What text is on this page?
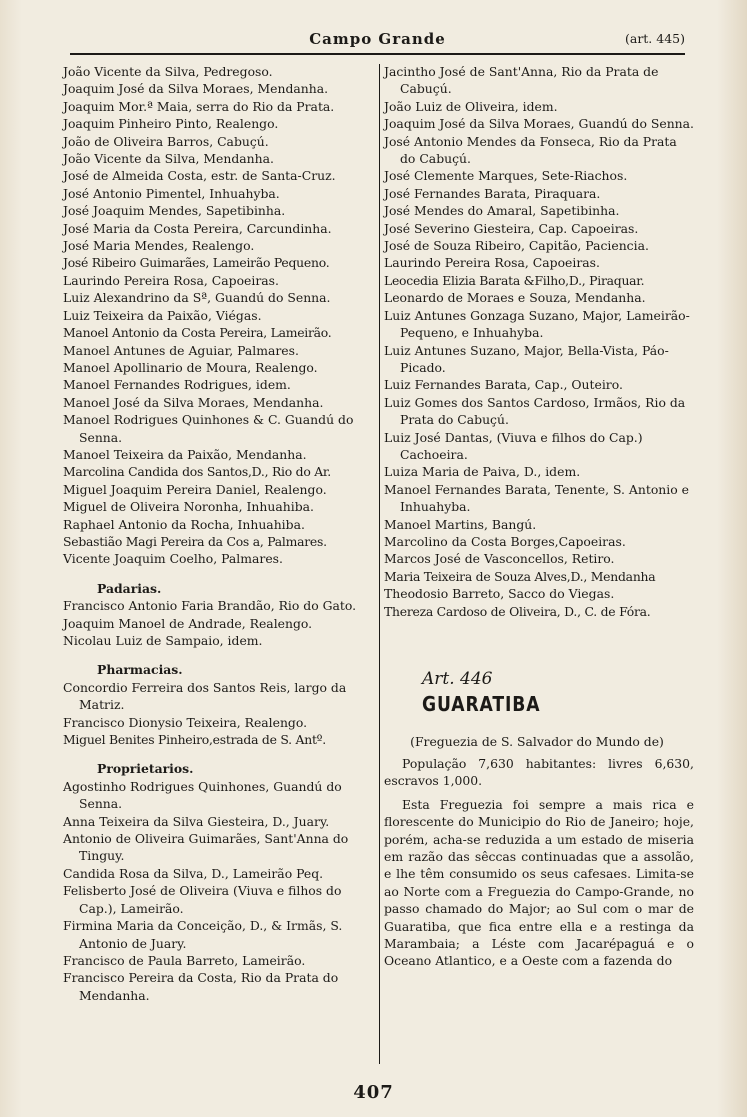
Campo Grande	(art. 445)

João Vicente da Silva, Pedregoso.

Joaquim José da Silva Moraes, Mendanha.

Joaquim Mor.ª Maia, serra do Rio da Prata.

Joaquim Pinheiro Pinto, Realengo.

João de Oliveira Barros, Cabuçú.

João Vicente da Silva, Mendanha.

José de Almeida Costa, estr. de Santa-Cruz.

José Antonio Pimentel, Inhuahyba.

José Joaquim Mendes, Sapetibinha.

José Maria da Costa Pereira, Carcundinha.

José Maria Mendes, Realengo.

José Ribeiro Guimarães, Lameirão Pequeno.

Laurindo Pereira Rosa, Capoeiras.

Luiz Alexandrino da Sª, Guandú do Senna.

Luiz Teixeira da Paixão, Viégas.

Manoel Antonio da Costa Pereira, Lameirão.

Manoel Antunes de Aguiar, Palmares.

Manoel Apollinario de Moura, Realengo.

Manoel Fernandes Rodrigues, idem.

Manoel José da Silva Moraes, Mendanha.

Manoel Rodrigues Quinhones & C. Guandú do Senna.

Manoel Teixeira da Paixão, Mendanha.

Marcolina Candida dos Santos,D., Rio do Ar.

Miguel Joaquim Pereira Daniel, Realengo.

Miguel de Oliveira Noronha, Inhuahiba.

Raphael Antonio da Rocha, Inhuahiba.

Sebastião Magi Pereira da Cos a, Palmares.

Vicente Joaquim Coelho, Palmares.

Padarias.

Francisco Antonio Faria Brandão, Rio do Gato.

Joaquim Manoel de Andrade, Realengo.

Nicolau Luiz de Sampaio, idem.

Pharmacias.

Concordio Ferreira dos Santos Reis, largo da Matriz.

Francisco Dionysio Teixeira, Realengo.

Miguel Benites Pinheiro,estrada de S. Antº.

Proprietarios.

Agostinho Rodrigues Quinhones, Guandú do Senna.

Anna Teixeira da Silva Giesteira, D., Juary.

Antonio de Oliveira Guimarães, Sant'Anna do Tinguy.

Candida Rosa da Silva, D., Lameirão Peq.

Felisberto José de Oliveira (Viuva e filhos do Cap.), Lameirão.

Firmina Maria da Conceição, D., & Irmãs, S. Antonio de Juary.

Francisco de Paula Barreto, Lameirão.

Francisco Pereira da Costa, Rio da Prata do Mendanha.

Jacintho José de Sant'Anna, Rio da Prata de Cabuçú.

João Luiz de Oliveira, idem.

Joaquim José da Silva Moraes, Guandú do Senna.

José Antonio Mendes da Fonseca, Rio da Prata do Cabuçú.

José Clemente Marques, Sete-Riachos.

José Fernandes Barata, Piraquara.

José Mendes do Amaral, Sapetibinha.

José Severino Giesteira, Cap. Capoeiras.

José de Souza Ribeiro, Capitão, Paciencia.

Laurindo Pereira Rosa, Capoeiras.

Leocedia Elizia Barata &Filho,D., Piraquar.

Leonardo de Moraes e Souza, Mendanha.

Luiz Antunes Gonzaga Suzano, Major, Lameirão-Pequeno, e Inhuahyba.

Luiz Antunes Suzano, Major, Bella-Vista, Páo-Picado.

Luiz Fernandes Barata, Cap., Outeiro.

Luiz Gomes dos Santos Cardoso, Irmãos, Rio da Prata do Cabuçú.

Luiz José Dantas, (Viuva e filhos do Cap.) Cachoeira.

Luiza Maria de Paiva, D., idem.

Manoel Fernandes Barata, Tenente, S. Antonio e Inhuahyba.

Manoel Martins, Bangú.

Marcolino da Costa Borges,Capoeiras.

Marcos José de Vasconcellos, Retiro.

Maria Teixeira de Souza Alves,D., Mendanha

Theodosio Barreto, Sacco do Viegas.

Thereza Cardoso de Oliveira, D., C. de Fóra.

Art. 446
GUARATIBA
(Freguezia de S. Salvador do Mundo de)

População 7,630 habitantes: livres 6,630, escravos 1,000.

Esta Freguezia foi sempre a mais rica e florescente do Municipio do Rio de Janeiro; hoje, porém, acha-se reduzida a um estado de miseria em razão das sêccas continuadas que a assolão, e lhe têm consumido os seus cafesaes. Limita-se ao Norte com a Freguezia do Campo-Grande, no passo chamado do Major; ao Sul com o mar de Guaratiba, que fica entre ella e a restinga da Marambaia; a Léste com Jacarépaguá e o Oceano Atlantico, e a Oeste com a fazenda do

407
